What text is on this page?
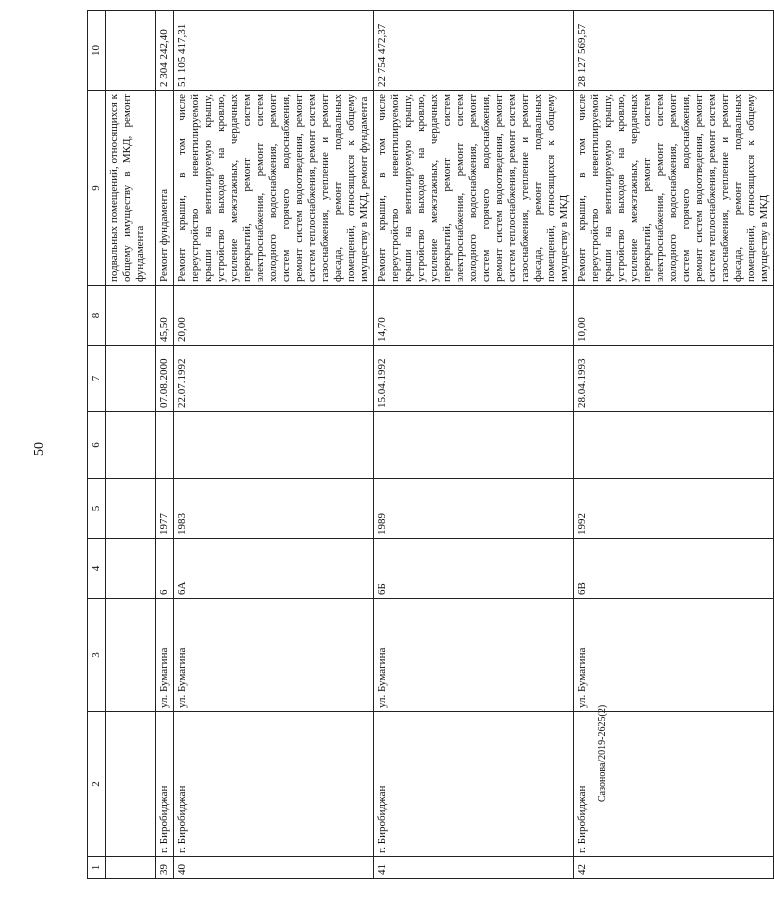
50
Сазонова/2019-2625(2)
1	2	3	4	5	6	7	8	9	10
								подвальных помещений, относящихся к общему имуществу в МКД, ремонт фундамента	
39	г. Биробиджан	ул. Бумагина	6	1977		07.08.2000	45,50	Ремонт фундамента	2 304 242,40
40	г. Биробиджан	ул. Бумагина	6А	1983		22.07.1992	20,00	Ремонт крыши, в том числе переустройство невентилируемой крыши на вентилируемую крышу, устройство выходов на кровлю, усиление межэтажных, чердачных перекрытий, ремонт систем электроснабжения, ремонт систем холодного водоснабжения, ремонт систем горячего водоснабжения, ремонт систем водоотведения, ремонт систем теплоснабжения, ремонт систем газоснабжения, утепление и ремонт фасада, ремонт подвальных помещений, относящихся к общему имуществу в МКД, ремонт фундамента	51 105 417,31
41	г. Биробиджан	ул. Бумагина	6Б	1989		15.04.1992	14,70	Ремонт крыши, в том числе переустройство невентилируемой крыши на вентилируемую крышу, устройство выходов на кровлю, усиление межэтажных, чердачных перекрытий, ремонт систем электроснабжения, ремонт систем холодного водоснабжения, ремонт систем горячего водоснабжения, ремонт систем водоотведения, ремонт систем теплоснабжения, ремонт систем газоснабжения, утепление и ремонт фасада, ремонт подвальных помещений, относящихся к общему имуществу в МКД	22 754 472,37
42	г. Биробиджан	ул. Бумагина	6В	1992		28.04.1993	10,00	Ремонт крыши, в том числе переустройство невентилируемой крыши на вентилируемую крышу, устройство выходов на кровлю, усиление межэтажных, чердачных перекрытий, ремонт систем электроснабжения, ремонт систем холодного водоснабжения, ремонт систем горячего водоснабжения, ремонт систем водоотведения, ремонт систем теплоснабжения, ремонт систем газоснабжения, утепление и ремонт фасада, ремонт подвальных помещений, относящихся к общему имуществу в МКД	28 127 569,57
